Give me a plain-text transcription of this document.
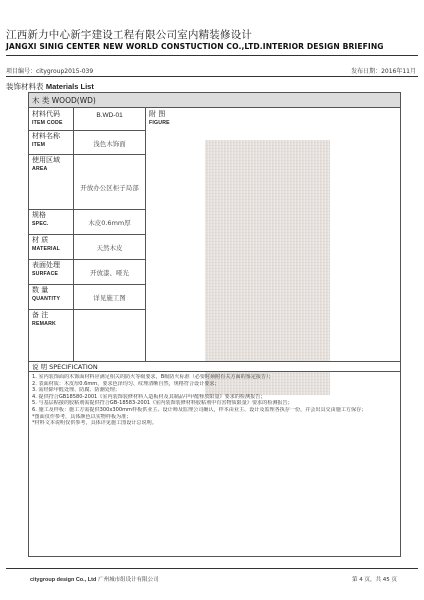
江西新力中心新宇建设工程有限公司室内精装修设计
JANGXI SINIG CENTER NEW WORLD CONSTUCTION CO.,LTD.INTERIOR DESIGN BRIEFING
项目编号：citygroup2015-039	发布日期：2016年11月
装饰材料表 Materials List
木 类 WOOD(WD)
材料代码
ITEM CODE
B.WD-01	附 图
FIGURE
材料名称
ITEM	浅色木饰面
使用区域
AREA
开放办公区柜子局部
规格
SPEC.	木皮0.6mm厚
材 质
MATERIAL	天然木皮
表面处理
SURFACE	开放漆、哑光
数 量
QUANTITY	详见施工图
备 注
REMARK
说 明 SPECIFICATION
1. 室内装饰面的木饰面材料应满足相关的防火等级要求，B级防火标准（必要时须附有关方面的鉴定报告）；
2. 表面材质：木皮厚0.6mm，要求色泽均匀、纹理清晰自然，规格符合设计要求；
3. 需经除甲醛处理、防腐、防潮处理；
4. 提供符合GB18580-2001《室内装饰装修材料人造板材及其制品中甲醛释放限量》要求的检测报告；
5. 与基层粘接的胶粘剂需提供符合GB-18583-2001《室内装饰装修材料胶粘剂中有害物质限量》要求的检测报告；
6. 施工及样板：施工方需提供300x300mm样板供业主、设计师及监理公司确认，样本由业主、设计及监理各执存一份，并会出具交由施工方保存；
*图面仅作参考，具体颜色以实物样板为准；
*材料文本说明仅供参考，具体详见施工图设计总说明。
citygroup design Co., Ltd 广州城市组设计有限公司	第 4 页，共 45 页
